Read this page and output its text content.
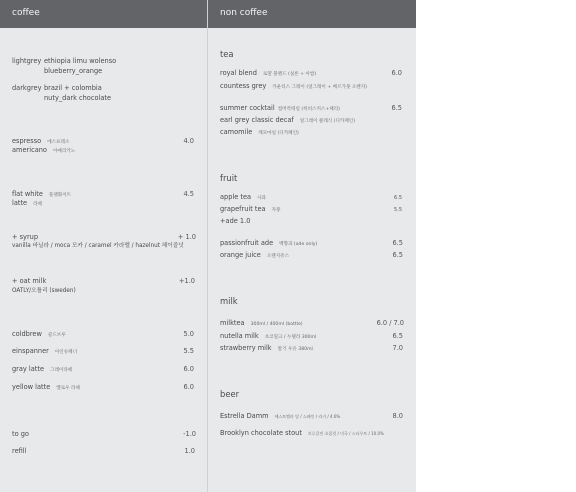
coffee
lightgrey ethiopia limu wolenso
blueberry_orange
darkgrey brazil + colombia
nuty_dark chocolate
espresso 에스프레소	4.0
americano 아메리카노
flat white 플랫화이트	4.5
latte 라떼
+ syrup	+ 1.0
vanilla 바닐라 / moca 모카 / caramel 카라멜 / hazelnut 헤이즐넛
+ oat milk	+1.0
OATLY/오틀리 (sweden)
coldbrew 콜드브루	5.0
einspanner 아인슈페너	5.5
gray latte 그레이라떼	6.0
yellow latte 옐로우 라떼	6.0
to go	-1.0
refill	1.0
non coffee
tea
royal blend 로얄 블렌드 (실론 + 아쌈)	6.0
countess grey 카운티스 그레이 (얼그레이 + 베르가못 오렌지)
summer cocktail 썸머칵테일 (히비스커스+체리)	6.5
earl grey classic decaf 얼그레이 클래식 (디카페인)
camomile 캐모마일 (디카페인)
fruit
apple tea 사과	6.5
grapefruit tea 자몽	5.5
+ade 1.0
passionfruit ade 백향과 (ade only)	6.5
orange juice 오렌지쥬스	6.5
milk
milktea 300ml / 400ml (bottle)	6.0 / 7.0
nutella milk 초코밀크 / 누텔라 300ml	6.5
strawberry milk 딸기 우유 380ml	7.0
beer
Estrella Damm 에스트렐라 담 / 스페인 / 라거 / 4.6%	8.0
Brooklyn chocolate stout 브루클린 초콜릿 / 미국 / 스타우트 / 10.0%
